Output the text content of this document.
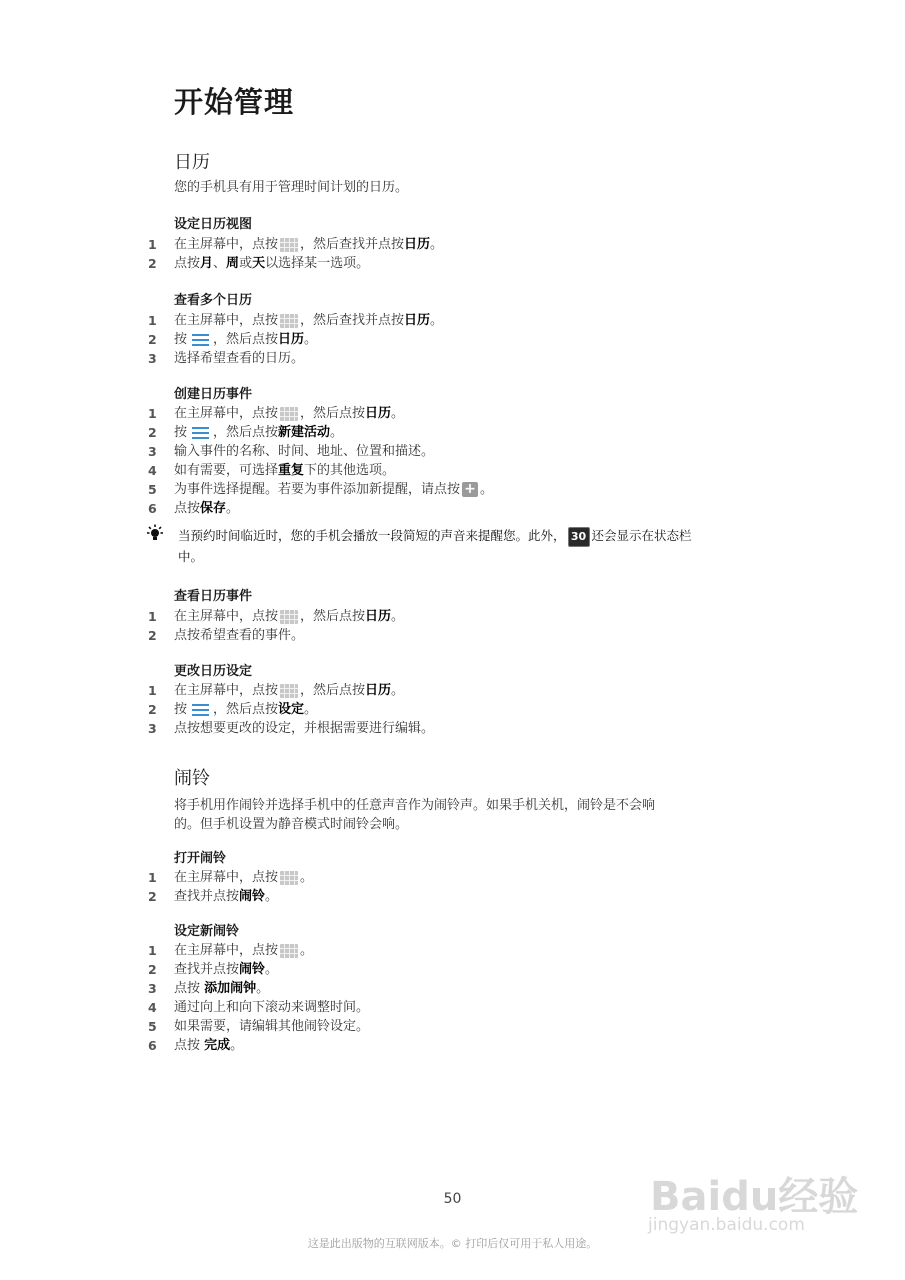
开始管理
日历

您的手机具有用于管理时间计划的日历。

设定日历视图
1	在主屏幕中，点按 ，然后查找并点按日历。
2	点按月、周或天以选择某一选项。
查看多个日历
1	在主屏幕中，点按 ，然后查找并点按日历。
2	按 ，然后点按日历。
3	选择希望查看的日历。
创建日历事件
1	在主屏幕中，点按 ，然后点按日历。
2	按 ，然后点按新建活动。
3	输入事件的名称、时间、地址、位置和描述。
4	如有需要，可选择重复下的其他选项。
5	为事件选择提醒。若要为事件添加新提醒，请点按 + 。
6	点按保存。
当预约时间临近时，您的手机会播放一段简短的声音来提醒您。此外， 30 还会显示在状态栏
中。
查看日历事件
1	在主屏幕中，点按 ，然后点按日历。
2	点按希望查看的事件。
更改日历设定
1	在主屏幕中，点按 ，然后点按日历。
2	按 ，然后点按设定。
3	点按想要更改的设定，并根据需要进行编辑。
闹铃

将手机用作闹铃并选择手机中的任意声音作为闹铃声。如果手机关机，闹铃是不会响
的。但手机设置为静音模式时闹铃会响。

打开闹铃
1	在主屏幕中，点按 。
2	查找并点按闹铃。
设定新闹铃
1	在主屏幕中，点按 。
2	查找并点按闹铃。
3	点按 添加闹钟。
4	通过向上和向下滚动来调整时间。
5	如果需要，请编辑其他闹铃设定。
6	点按 完成。
Baidu经验
jingyan.baidu.com
50
这是此出版物的互联网版本。© 打印后仅可用于私人用途。
